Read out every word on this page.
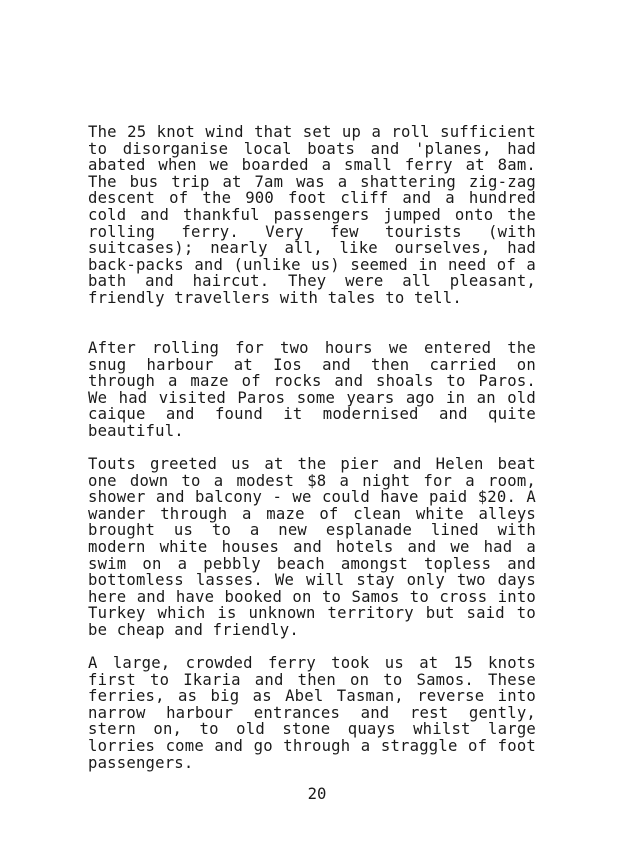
The 25 knot wind that set up a roll sufficient to disorganise local boats and 'planes, had abated when we boarded a small ferry at 8am. The bus trip at 7am was a shattering zig-zag descent of the 900 foot cliff and a hundred cold and thankful passengers jumped onto the rolling ferry. Very few tourists (with suitcases); nearly all, like ourselves, had back-packs and (unlike us) seemed in need of a bath and haircut. They were all pleasant, friendly travellers with tales to tell.

After rolling for two hours we entered the snug harbour at Ios and then carried on through a maze of rocks and shoals to Paros. We had visited Paros some years ago in an old caique and found it modernised and quite beautiful.

Touts greeted us at the pier and Helen beat one down to a modest $8 a night for a room, shower and balcony - we could have paid $20. A wander through a maze of clean white alleys brought us to a new esplanade lined with modern white houses and hotels and we had a swim on a pebbly beach amongst topless and bottomless lasses. We will stay only two days here and have booked on to Samos to cross into Turkey which is unknown territory but said to be cheap and friendly.

A large, crowded ferry took us at 15 knots first to Ikaria and then on to Samos. These ferries, as big as Abel Tasman, reverse into narrow harbour entrances and rest gently, stern on, to old stone quays whilst large lorries come and go through a straggle of foot passengers.

20
